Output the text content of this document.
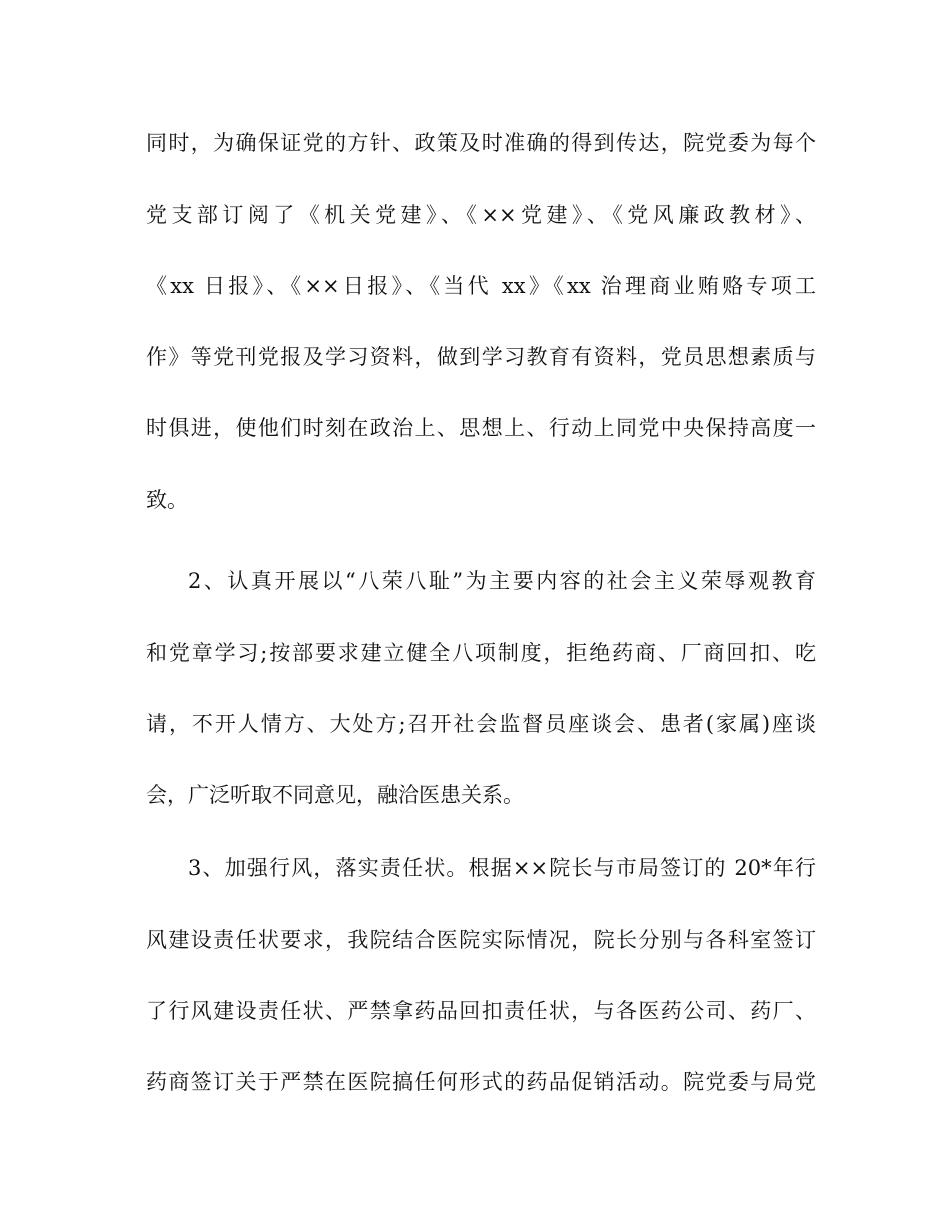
同时，为确保证党的方针、政策及时准确的得到传达，院党委为每个
党支部订阅了《机关党建》、《××党建》、《党风廉政教材》、
《xx 日报》、《××日报》、《当代 xx》《xx 治理商业贿赂专项工
作》等党刊党报及学习资料，做到学习教育有资料，党员思想素质与
时俱进，使他们时刻在政治上、思想上、行动上同党中央保持高度一
致。
2、认真开展以“八荣八耻”为主要内容的社会主义荣辱观教育
和党章学习;按部要求建立健全八项制度，拒绝药商、厂商回扣、吃
请，不开人情方、大处方;召开社会监督员座谈会、患者(家属)座谈
会，广泛听取不同意见，融洽医患关系。
3、加强行风，落实责任状。根据××院长与市局签订的 20*年行
风建设责任状要求，我院结合医院实际情况，院长分别与各科室签订
了行风建设责任状、严禁拿药品回扣责任状，与各医药公司、药厂、
药商签订关于严禁在医院搞任何形式的药品促销活动。院党委与局党
